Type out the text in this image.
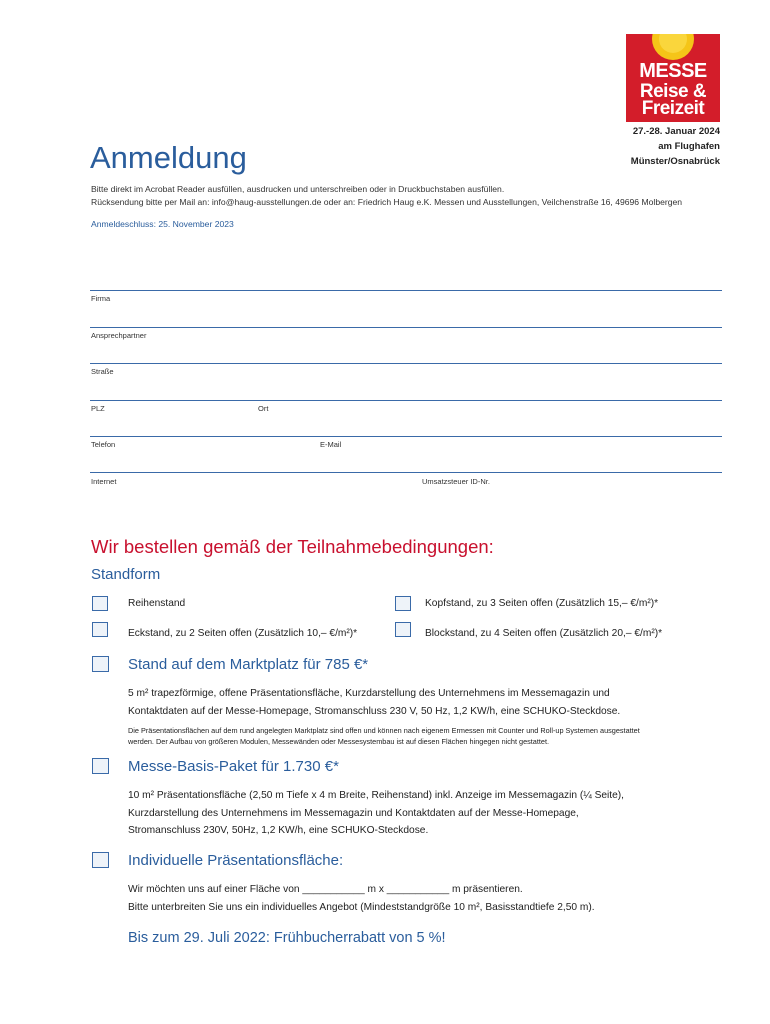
MESSE
Reise &
Freizeit
27.-28. Januar 2024
am Flughafen
Münster/Osnabrück
Anmeldung
Bitte direkt im Acrobat Reader ausfüllen, ausdrucken und unterschreiben oder in Druckbuchstaben ausfüllen.
Rücksendung bitte per Mail an: info@haug-ausstellungen.de oder an: Friedrich Haug e.K. Messen und Ausstellungen, Veilchenstraße 16, 49696 Molbergen
Anmeldeschluss: 25. November 2023
Firma
Ansprechpartner
Straße
PLZ	Ort
Telefon	E-Mail
Internet	Umsatzsteuer ID-Nr.
Wir bestellen gemäß der Teilnahmebedingungen:
Standform
Reihenstand	Kopfstand, zu 3 Seiten offen (Zusätzlich 15,– €/m²)*
Eckstand, zu 2 Seiten offen (Zusätzlich 10,– €/m²)*	Blockstand, zu 4 Seiten offen (Zusätzlich 20,– €/m²)*
Stand auf dem Marktplatz für 785 €*
5 m² trapezförmige, offene Präsentationsfläche, Kurzdarstellung des Unternehmens im Messemagazin und
Kontaktdaten auf der Messe-Homepage, Stromanschluss 230 V, 50 Hz, 1,2 KW/h, eine SCHUKO-Steckdose.
Die Präsentationsflächen auf dem rund angelegten Marktplatz sind offen und können nach eigenem Ermessen mit Counter und Roll-up Systemen ausgestattet
werden. Der Aufbau von größeren Modulen, Messewänden oder Messesystembau ist auf diesen Flächen hingegen nicht gestattet.
Messe-Basis-Paket für 1.730 €*
10 m² Präsentationsfläche (2,50 m Tiefe x 4 m Breite, Reihenstand) inkl. Anzeige im Messemagazin (¼ Seite),
Kurzdarstellung des Unternehmens im Messemagazin und Kontaktdaten auf der Messe-Homepage,
Stromanschluss 230V, 50Hz, 1,2 KW/h, eine SCHUKO-Steckdose.
Individuelle Präsentationsfläche:
Wir möchten uns auf einer Fläche von ___________ m x ___________ m präsentieren.
Bitte unterbreiten Sie uns ein individuelles Angebot (Mindeststandgröße 10 m², Basisstandtiefe 2,50 m).
Bis zum 29. Juli 2022: Frühbucherrabatt von 5 %!
